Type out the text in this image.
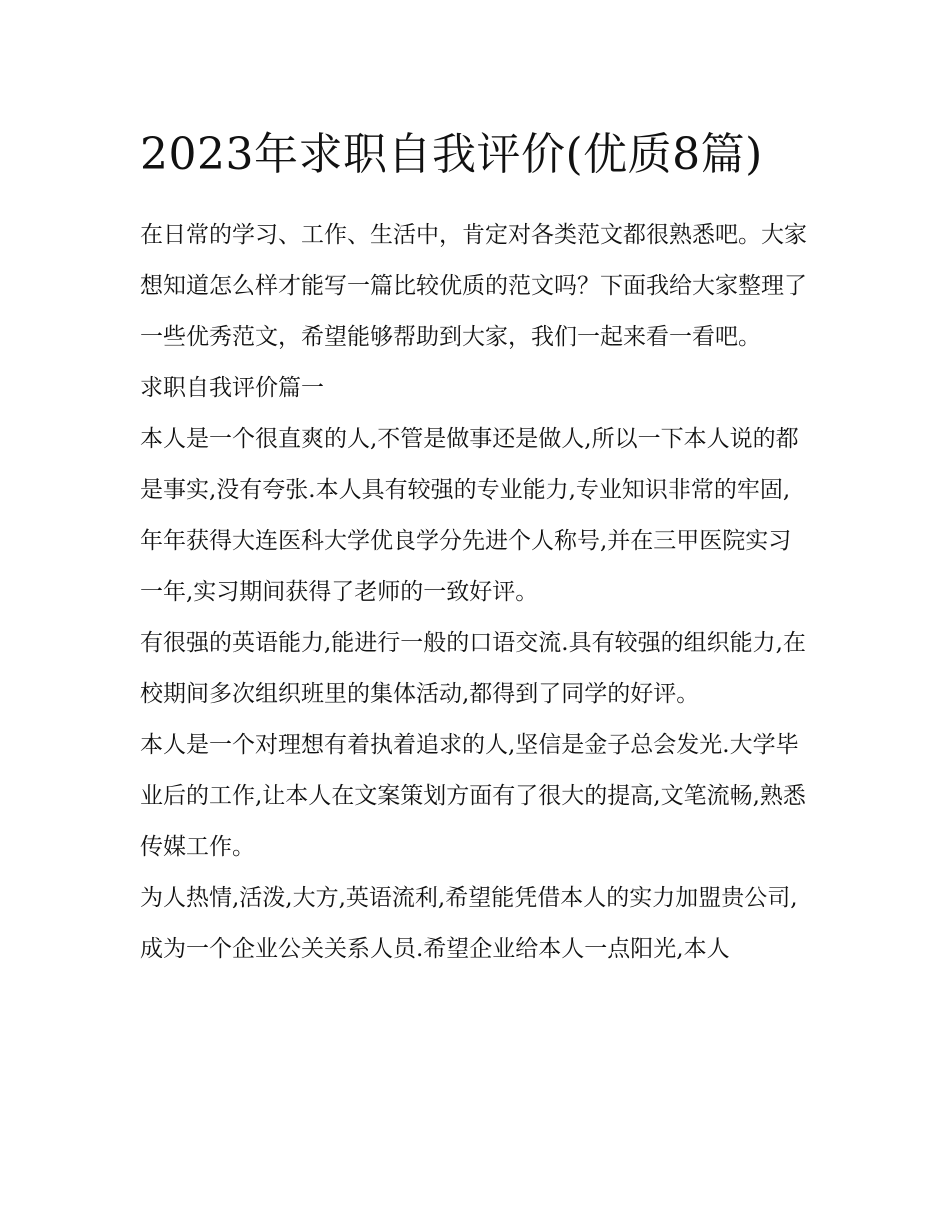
2023年求职自我评价(优质8篇)

在日常的学习、工作、生活中，肯定对各类范文都很熟悉吧。大家想知道怎么样才能写一篇比较优质的范文吗？下面我给大家整理了一些优秀范文，希望能够帮助到大家，我们一起来看一看吧。

求职自我评价篇一

本人是一个很直爽的人,不管是做事还是做人,所以一下本人说的都是事实,没有夸张.本人具有较强的专业能力,专业知识非常的牢固,年年获得大连医科大学优良学分先进个人称号,并在三甲医院实习一年,实习期间获得了老师的一致好评。

有很强的英语能力,能进行一般的口语交流.具有较强的组织能力,在校期间多次组织班里的集体活动,都得到了同学的好评。

本人是一个对理想有着执着追求的人,坚信是金子总会发光.大学毕业后的工作,让本人在文案策划方面有了很大的提高,文笔流畅,熟悉传媒工作。

为人热情,活泼,大方,英语流利,希望能凭借本人的实力加盟贵公司,成为一个企业公关关系人员.希望企业给本人一点阳光,本人
